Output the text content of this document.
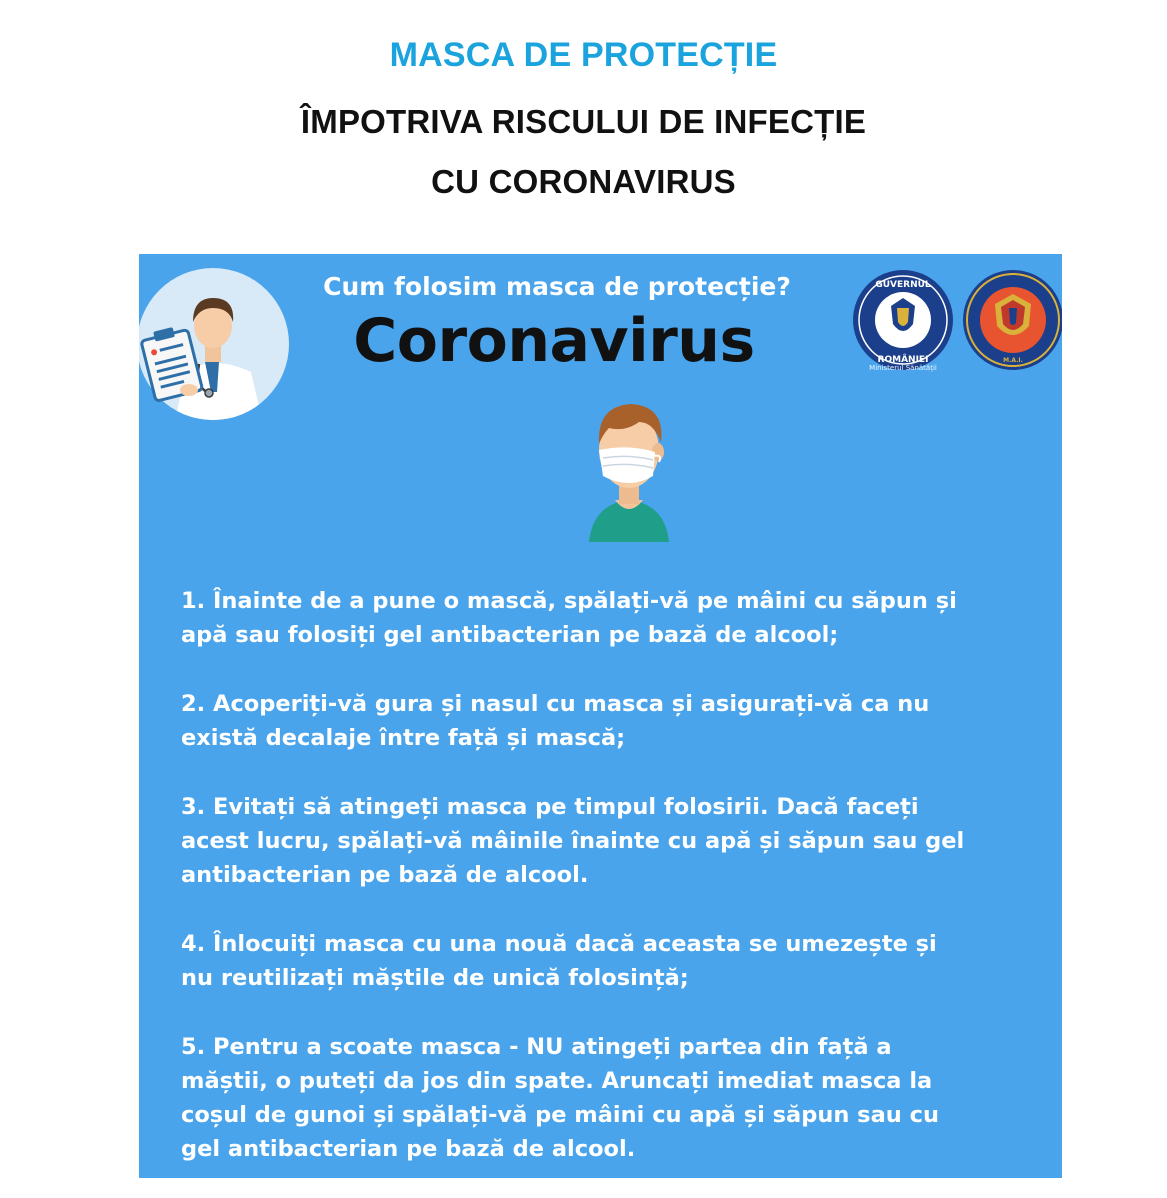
MASCA DE PROTECȚIE
ÎMPOTRIVA RISCULUI DE INFECȚIE
CU CORONAVIRUS

Cum folosim masca de protecție?

Coronavirus

GUVERNUL
ROMÂNIEI
Ministerul Sănătății
M.A.I.
1. Înainte de a pune o mască, spălați-vă pe mâini cu săpun și
apă sau folosiți gel antibacterian pe bază de alcool;
2. Acoperiți-vă gura și nasul cu masca și asigurați-vă ca nu
există decalaje între față și mască;
3. Evitați să atingeți masca pe timpul folosirii. Dacă faceți
acest lucru, spălați-vă mâinile înainte cu apă și săpun sau gel
antibacterian pe bază de alcool.
4. Înlocuiți masca cu una nouă dacă aceasta se umezește și
nu reutilizați măștile de unică folosință;
5. Pentru a scoate masca - NU atingeți partea din față a
măștii, o puteți da jos din spate. Aruncați imediat masca la
coșul de gunoi și spălați-vă pe mâini cu apă și săpun sau cu
gel antibacterian pe bază de alcool.
